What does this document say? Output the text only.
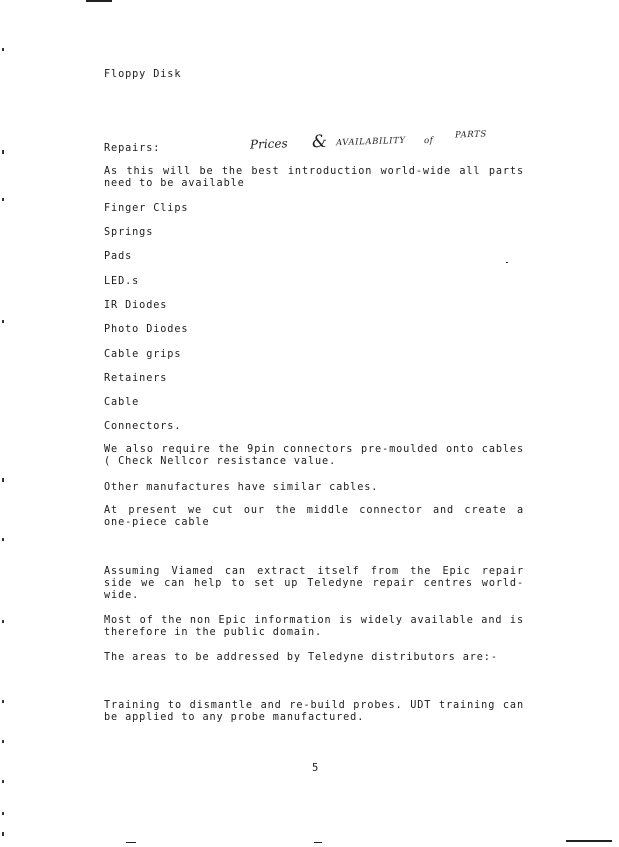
Floppy Disk
Repairs:	Prices & AVAILABILITY of
PARTS
As this will be the best introduction world-wide all parts need to be available
Finger Clips
Springs
Pads
LED.s
IR Diodes
Photo Diodes
Cable grips
Retainers
Cable
Connectors.
We also require the 9pin connectors pre-moulded onto cables ( Check Nellcor resistance value.
Other manufactures have similar cables.
At present we cut our the middle connector and create a one-piece cable
Assuming Viamed can extract itself from the Epic repair side we can help to set up Teledyne repair centres world-wide.
Most of the non Epic information is widely available and is therefore in the public domain.
The areas to be addressed by Teledyne distributors are:-
Training to dismantle and re-build probes. UDT training can be applied to any probe manufactured.
5
